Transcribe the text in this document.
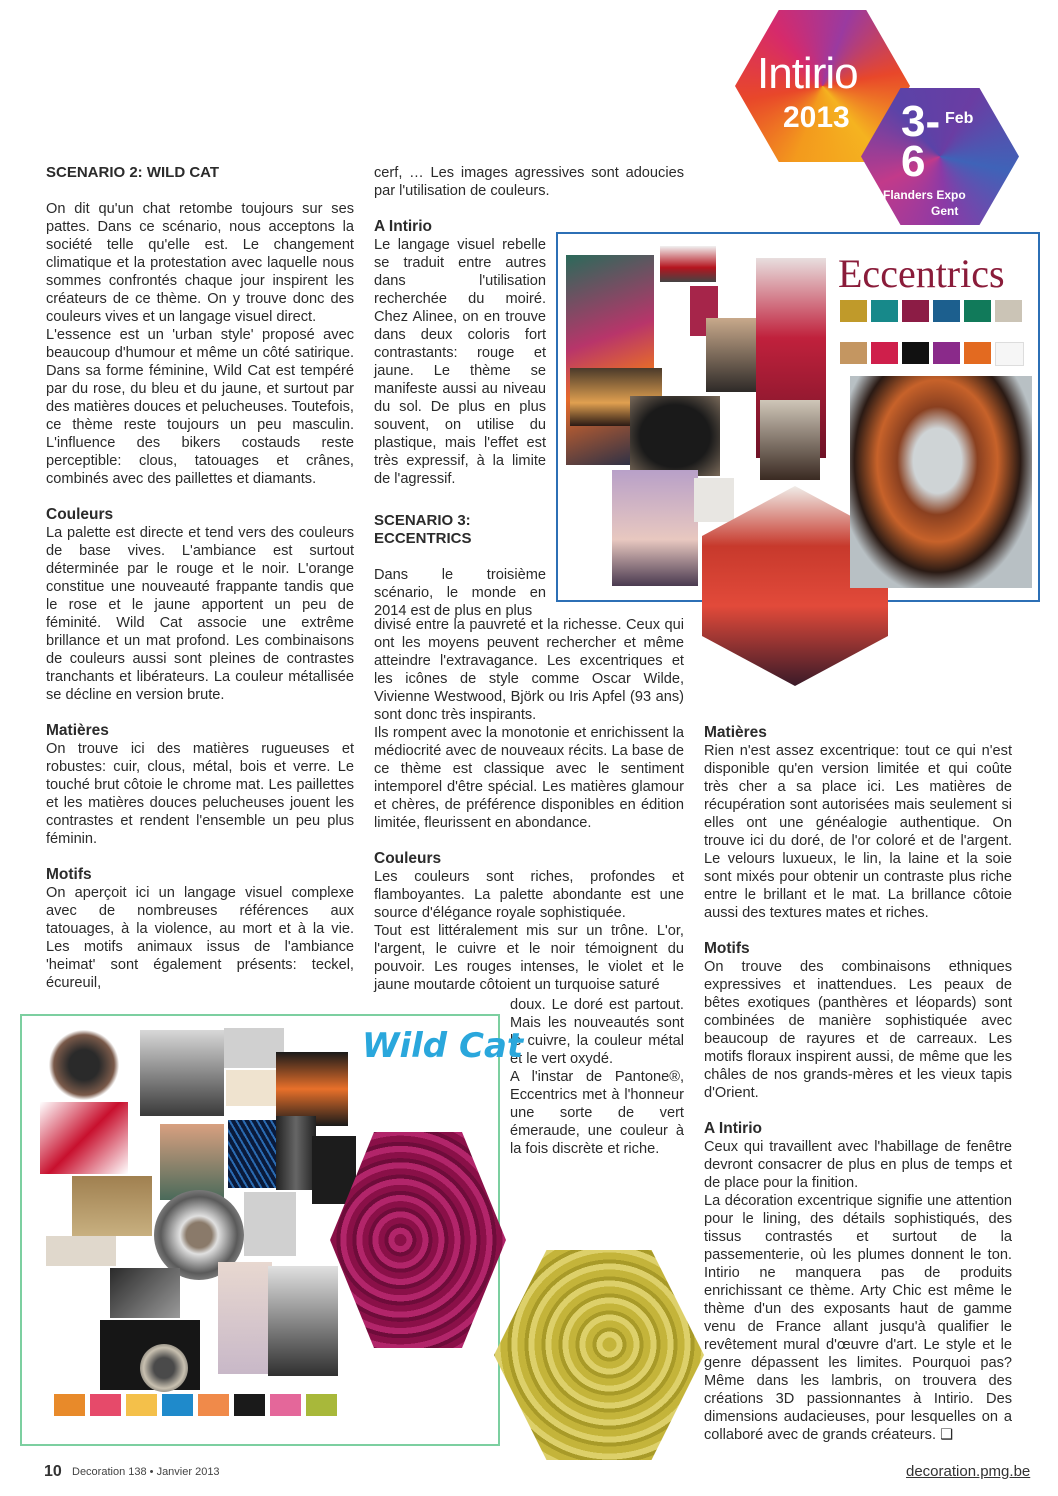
Intirio
2013 3-6
Feb
Flanders Expo
Gent
SCENARIO 2: WILD CAT

On dit qu'un chat retombe toujours sur ses pattes. Dans ce scénario, nous acceptons la société telle qu'elle est. Le changement climatique et la protestation avec laquelle nous sommes confrontés chaque jour inspirent les créateurs de ce thème. On y trouve donc des couleurs vives et un langage visuel direct.

L'essence est un 'urban style' proposé avec beaucoup d'humour et même un côté satirique. Dans sa forme féminine, Wild Cat est tempéré par du rose, du bleu et du jaune, et surtout par des matières douces et pelucheuses. Toutefois, ce thème reste toujours un peu masculin. L'influence des bikers costauds reste perceptible: clous, tatouages et crânes, combinés avec des paillettes et diamants.

Couleurs

La palette est directe et tend vers des couleurs de base vives. L'ambiance est surtout déterminée par le rouge et le noir. L'orange constitue une nouveauté frappante tandis que le rose et le jaune apportent un peu de féminité. Wild Cat associe une extrême brillance et un mat profond. Les combinaisons de couleurs aussi sont pleines de contrastes tranchants et libérateurs. La couleur métallisée se décline en version brute.

Matières

On trouve ici des matières rugueuses et robustes: cuir, clous, métal, bois et verre. Le touché brut côtoie le chrome mat. Les paillettes et les matières douces pelucheuses jouent les contrastes et rendent l'ensemble un peu plus féminin.

Motifs

On aperçoit ici un langage visuel complexe avec de nombreuses références aux tatouages, à la violence, au mort et à la vie. Les motifs animaux issus de l'ambiance 'heimat' sont également présents: teckel, écureuil,

cerf, … Les images agressives sont adoucies par l'utilisation de couleurs.

A Intirio

Le langage visuel rebelle se traduit entre autres dans l'utilisation recherchée du moiré. Chez Alinee, on en trouve dans deux coloris fort contrastants: rouge et jaune. Le thème se manifeste aussi au niveau du sol. De plus en plus souvent, on utilise du plastique, mais l'effet est très expressif, à la limite de l'agressif.

SCENARIO 3:
ECCENTRICS

Dans le troisième scénario, le monde en 2014 est de plus en plus

divisé entre la pauvreté et la richesse. Ceux qui ont les moyens peuvent rechercher et même atteindre l'extravagance. Les excentriques et les icônes de style comme Oscar Wilde, Vivienne Westwood, Björk ou Iris Apfel (93 ans) sont donc très inspirants.

Ils rompent avec la monotonie et enrichissent la médiocrité avec de nouveaux récits. La base de ce thème est classique avec le sentiment intemporel d'être spécial. Les matières glamour et chères, de préférence disponibles en édition limitée, fleurissent en abondance.

Couleurs

Les couleurs sont riches, profondes et flamboyantes. La palette abondante est une source d'élégance royale sophistiquée.

Tout est littéralement mis sur un trône. L'or, l'argent, le cuivre et le noir témoignent du pouvoir. Les rouges intenses, le violet et le jaune moutarde côtoient un turquoise saturé

doux. Le doré est partout. Mais les nouveautés sont le cuivre, la couleur métal et le vert oxydé.

A l'instar de Pantone®, Eccentrics met à l'honneur une sorte de vert émeraude, une couleur à la fois discrète et riche.

Matières

Rien n'est assez excentrique: tout ce qui n'est disponible qu'en version limitée et qui coûte très cher a sa place ici. Les matières de récupération sont autorisées mais seulement si elles ont une généalogie authentique. On trouve ici du doré, de l'or coloré et de l'argent. Le velours luxueux, le lin, la laine et la soie sont mixés pour obtenir un contraste plus riche entre le brillant et le mat. La brillance côtoie aussi des textures mates et riches.

Motifs

On trouve des combinaisons ethniques expressives et inattendues. Les peaux de bêtes exotiques (panthères et léopards) sont combinées de manière sophistiquée avec beaucoup de rayures et de carreaux. Les motifs floraux inspirent aussi, de même que les châles de nos grands-mères et les vieux tapis d'Orient.

A Intirio

Ceux qui travaillent avec l'habillage de fenêtre devront consacrer de plus en plus de temps et de place pour la finition.

La décoration excentrique signifie une attention pour le lining, des détails sophistiqués, des tissus contrastés et surtout de la passementerie, où les plumes donnent le ton. Intirio ne manquera pas de produits enrichissant ce thème. Arty Chic est même le thème d'un des exposants haut de gamme venu de France allant jusqu'à qualifier le revêtement mural d'œuvre d'art. Le style et le genre dépassent les limites. Pourquoi pas? Même dans les lambris, on trouvera des créations 3D passionnantes à Intirio. Des dimensions audacieuses, pour lesquelles on a collaboré avec de grands créateurs. ❑

Eccentrics
Wild Cat
10 Decoration 138 • Janvier 2013	decoration.pmg.be
